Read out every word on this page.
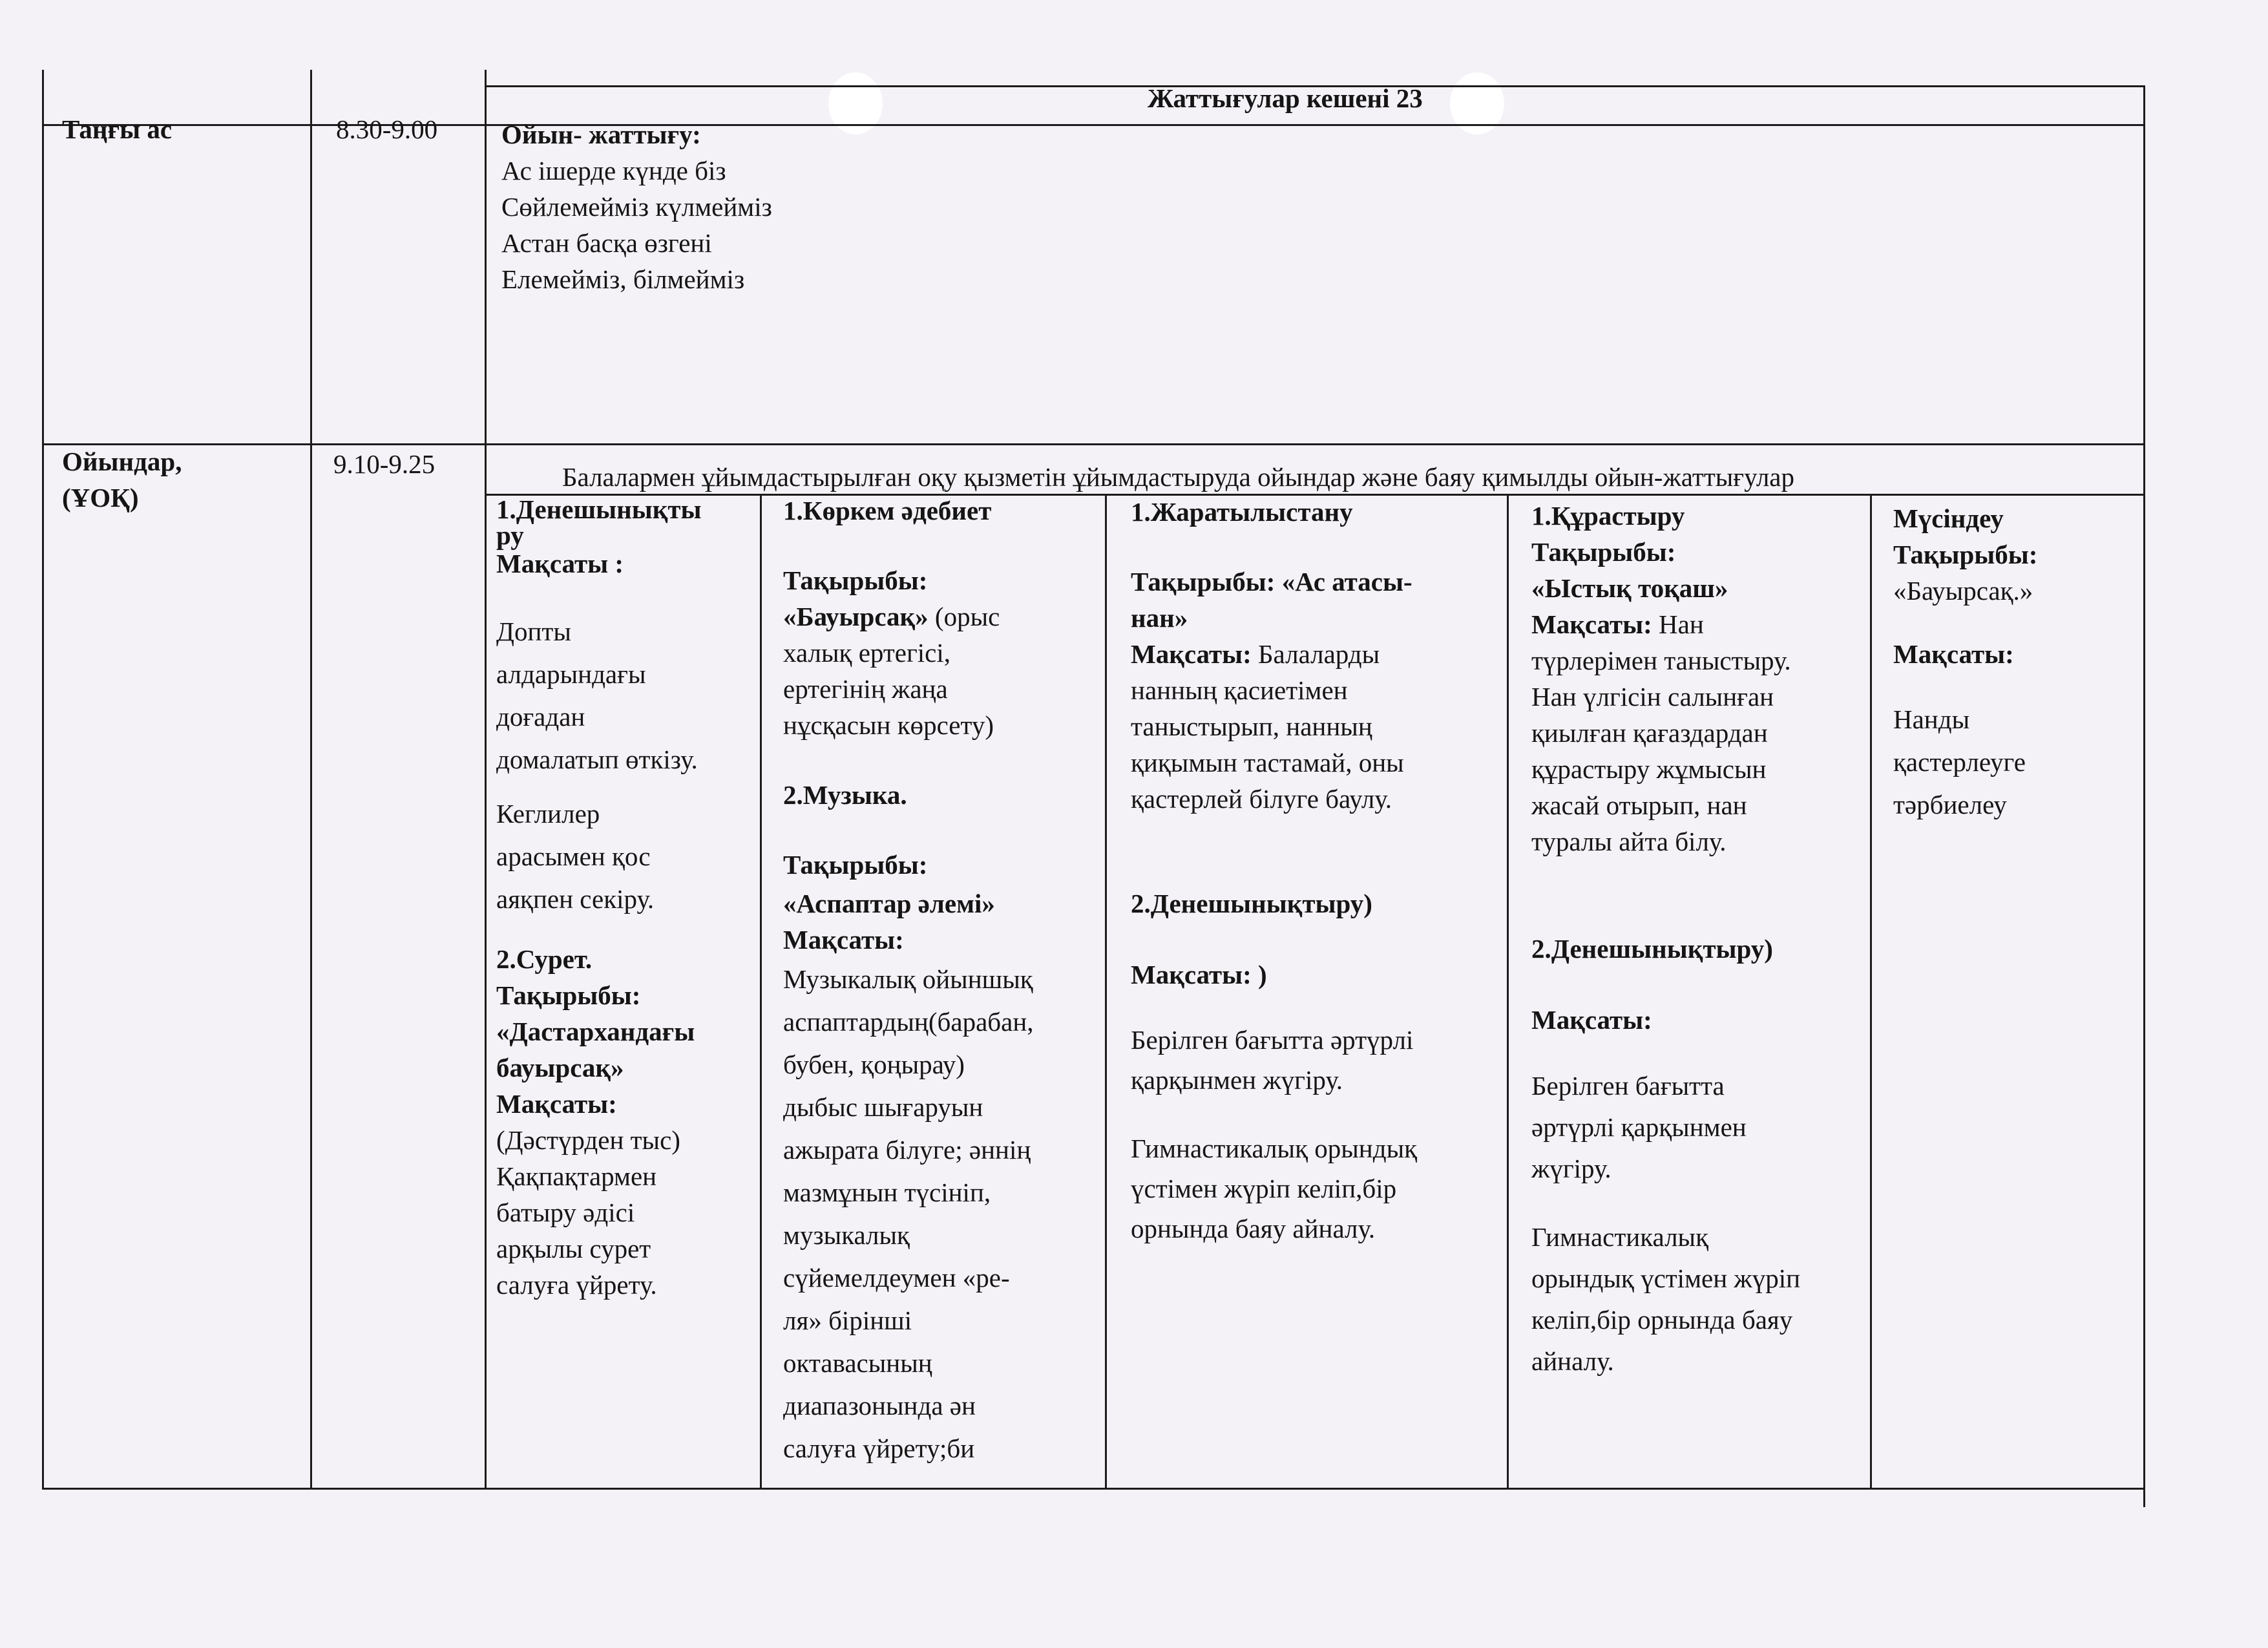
Жаттығулар кешені 23
Таңғы ас	8.30-9.00 Ойын- жаттығу:
Ас ішерде күнде біз
Сөйлемейміз күлмейміз
Астан басқа өзгені
Елемейміз, білмейміз
Ойындар,
(ҰОҚ)
9.10-9.25	Балалармен ұйымдастырылған оқу қызметін ұйымдастыруда ойындар және баяу қимылды ойын-жаттығулар
1.Денешынықты
ру
Мақсаты :
Допты
алдарындағы
доғадан
домалатып өткізу.
Кеглилер
арасымен қос
аяқпен секіру.
2.Сурет.
Тақырыбы:
«Дастархандағы
бауырсақ»
Мақсаты:
(Дәстүрден тыс)
Қақпақтармен
батыру әдісі
арқылы сурет
салуға үйрету.
1.Көркем әдебиет
Тақырыбы:
«Бауырсақ» (орыс
халық ертегісі,
ертегінің жаңа
нұсқасын көрсету)
2.Музыка.
Тақырыбы:
«Аспаптар әлемі»
Мақсаты:
Музыкалық ойыншық
аспаптардың(барабан,
бубен, қоңырау)
дыбыс шығаруын
ажырата білуге; әннің
мазмұнын түсініп,
музыкалық
сүйемелдеумен «ре-
ля» бірінші
октавасының
диапазонында ән
салуға үйрету;би
1.Жаратылыстану
Тақырыбы: «Ас атасы-
нан»
Мақсаты: Балаларды
нанның қасиетімен
таныстырып, нанның
қиқымын тастамай, оны
қастерлей білуге баулу.
2.Денешынықтыру)
Мақсаты: )
Берілген бағытта әртүрлі
қарқынмен жүгіру.
Гимнастикалық орындық
үстімен жүріп келіп,бір
орнында баяу айналу.
1.Құрастыру
Тақырыбы:
«Ыстық тоқаш»
Мақсаты: Нан
түрлерімен таныстыру.
Нан үлгісін салынған
қиылған қағаздардан
құрастыру жұмысын
жасай отырып, нан
туралы айта білу.
2.Денешынықтыру)
Мақсаты:
Берілген бағытта
әртүрлі қарқынмен
жүгіру.
Гимнастикалық
орындық үстімен жүріп
келіп,бір орнында баяу
айналу.
Мүсіндеу
Тақырыбы:
«Бауырсақ.»
Мақсаты:
Нанды
қастерлеуге
тәрбиелеу
